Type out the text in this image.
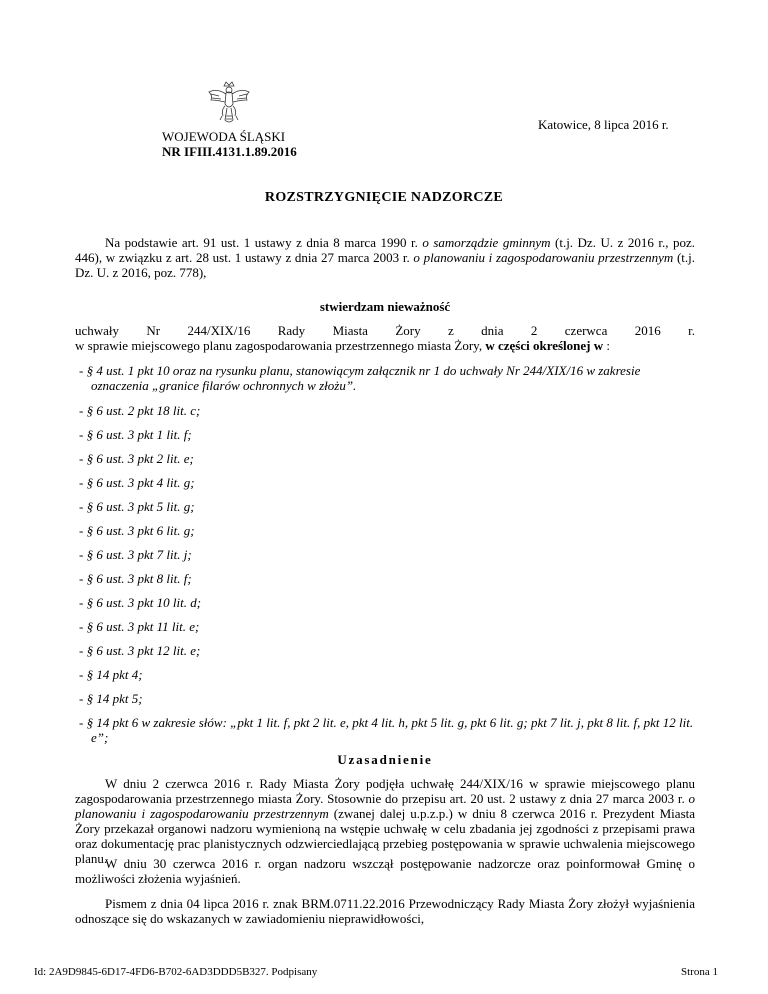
Katowice, 8 lipca 2016 r.
WOJEWODA ŚLĄSKI
NR IFIII.4131.1.89.2016
ROZSTRZYGNIĘCIE NADZORCZE

Na podstawie art. 91 ust. 1 ustawy z dnia 8 marca 1990 r. o samorządzie gminnym (t.j. Dz. U. z 2016 r., poz. 446), w związku z art. 28 ust. 1 ustawy z dnia 27 marca 2003 r. o planowaniu i zagospodarowaniu przestrzennym (t.j. Dz. U. z 2016, poz. 778),

stwierdzam nieważność
uchwały Nr 244/XIX/16 Rady Miasta Żory z dnia 2 czerwca 2016 r.
w sprawie miejscowego planu zagospodarowania przestrzennego miasta Żory, w części określonej w :
- § 4 ust. 1 pkt 10 oraz na rysunku planu, stanowiącym załącznik nr 1 do uchwały Nr 244/XIX/16 w zakresie oznaczenia „granice filarów ochronnych w złożu”.
- § 6 ust. 2 pkt 18 lit. c;
- § 6 ust. 3 pkt 1 lit. f;
- § 6 ust. 3 pkt 2 lit. e;
- § 6 ust. 3 pkt 4 lit. g;
- § 6 ust. 3 pkt 5 lit. g;
- § 6 ust. 3 pkt 6 lit. g;
- § 6 ust. 3 pkt 7 lit. j;
- § 6 ust. 3 pkt 8 lit. f;
- § 6 ust. 3 pkt 10 lit. d;
- § 6 ust. 3 pkt 11 lit. e;
- § 6 ust. 3 pkt 12 lit. e;
- § 14 pkt 4;
- § 14 pkt 5;
- § 14 pkt 6 w zakresie słów: „pkt 1 lit. f, pkt 2 lit. e, pkt 4 lit. h, pkt 5 lit. g, pkt 6 lit. g; pkt 7 lit. j, pkt 8 lit. f, pkt 12 lit. e”;
Uzasadnienie
W dniu 2 czerwca 2016 r. Rady Miasta Żory podjęła uchwałę 244/XIX/16 w sprawie miejscowego planu zagospodarowania przestrzennego miasta Żory. Stosownie do przepisu art. 20 ust. 2 ustawy z dnia 27 marca 2003 r. o planowaniu i zagospodarowaniu przestrzennym (zwanej dalej u.p.z.p.) w dniu 8 czerwca 2016 r. Prezydent Miasta Żory przekazał organowi nadzoru wymienioną na wstępie uchwałę w celu zbadania jej zgodności z przepisami prawa oraz dokumentację prac planistycznych odzwierciedlającą przebieg postępowania w sprawie uchwalenia miejscowego planu.
W dniu 30 czerwca 2016 r. organ nadzoru wszczął postępowanie nadzorcze oraz poinformował Gminę o możliwości złożenia wyjaśnień.
Pismem z dnia 04 lipca 2016 r. znak BRM.0711.22.2016 Przewodniczący Rady Miasta Żory złożył wyjaśnienia odnoszące się do wskazanych w zawiadomieniu nieprawidłowości,
Id: 2A9D9845-6D17-4FD6-B702-6AD3DDD5B327. Podpisany	Strona 1
